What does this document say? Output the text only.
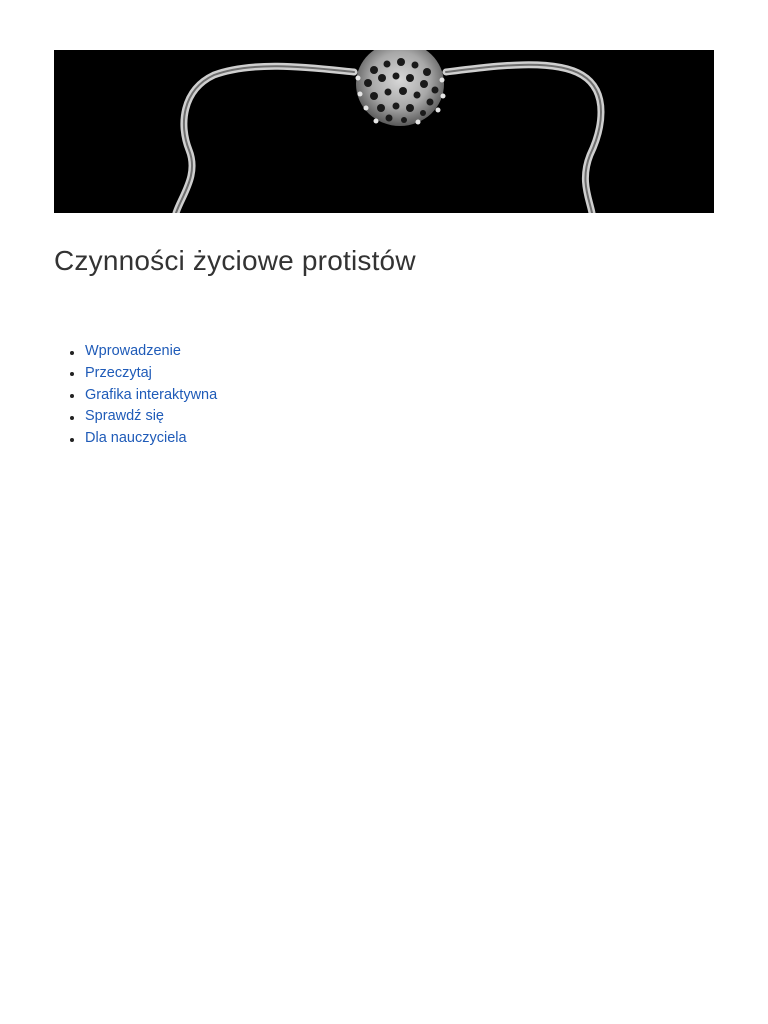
Czynności życiowe protistów
Wprowadzenie
Przeczytaj
Grafika interaktywna
Sprawdź się
Dla nauczyciela
